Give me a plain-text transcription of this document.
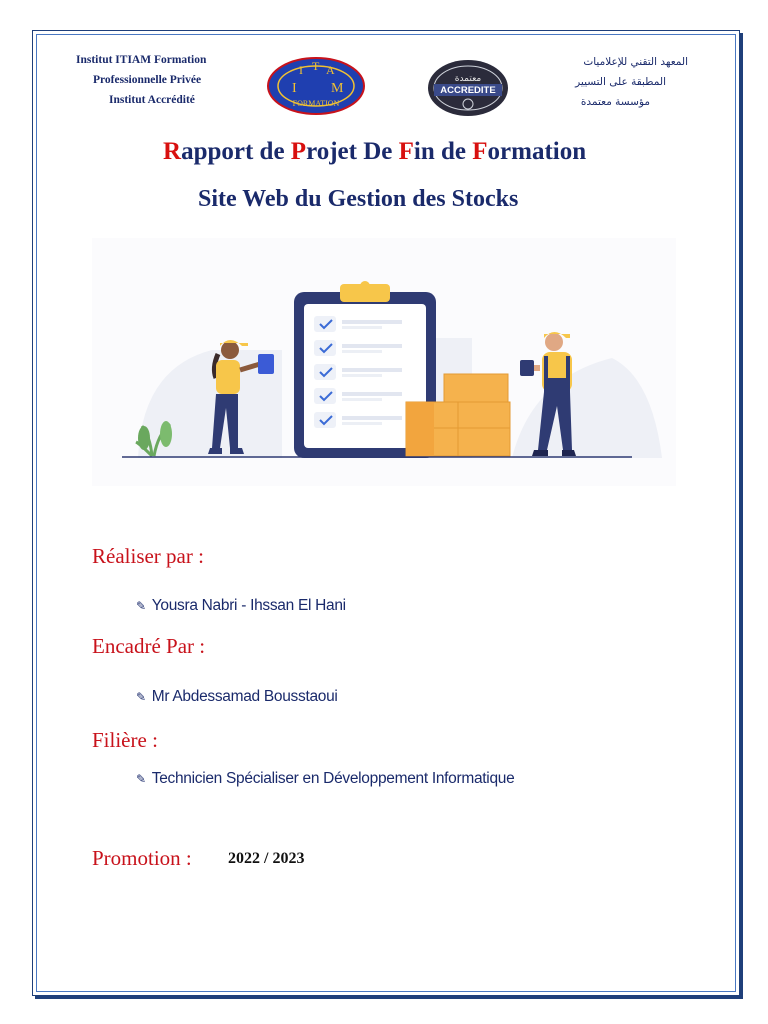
Institut ITIAM Formation
Professionnelle Privée
Institut Accrédité
I T A
I M
FORMATION
معتمدة
ACCREDITE
المعهد التقني للإعلاميات
المطبقة على التسيير
مؤسسة معتمدة
Rapport de Projet De Fin de Formation
Site Web du Gestion des Stocks
Réaliser par :
✎ Yousra Nabri - Ihssan El Hani
Encadré Par :
✎ Mr Abdessamad Bousstaoui
Filière :
✎ Technicien Spécialiser en Développement Informatique
Promotion : 2022 / 2023
